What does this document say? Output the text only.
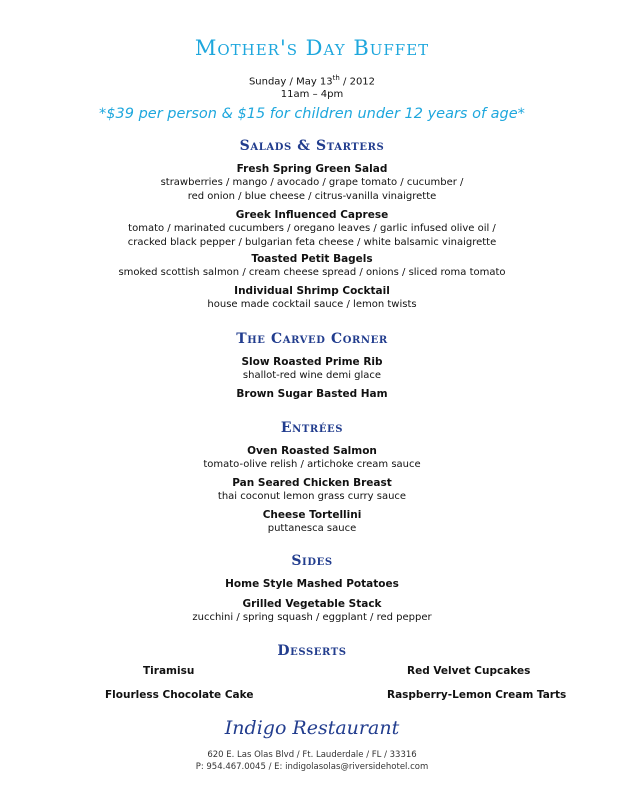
Mother's Day Buffet
Sunday / May 13th / 2012
11am – 4pm
*$39 per person & $15 for children under 12 years of age*
Salads & Starters
Fresh Spring Green Salad
strawberries / mango / avocado / grape tomato / cucumber /
red onion / blue cheese / citrus-vanilla vinaigrette
Greek Influenced Caprese
tomato / marinated cucumbers / oregano leaves / garlic infused olive oil /
cracked black pepper / bulgarian feta cheese / white balsamic vinaigrette
Toasted Petit Bagels
smoked scottish salmon / cream cheese spread / onions / sliced roma tomato
Individual Shrimp Cocktail
house made cocktail sauce / lemon twists
The Carved Corner
Slow Roasted Prime Rib
shallot-red wine demi glace
Brown Sugar Basted Ham
Entrées
Oven Roasted Salmon
tomato-olive relish / artichoke cream sauce
Pan Seared Chicken Breast
thai coconut lemon grass curry sauce
Cheese Tortellini
puttanesca sauce
Sides
Home Style Mashed Potatoes
Grilled Vegetable Stack
zucchini / spring squash / eggplant / red pepper
Desserts
Tiramisu	Red Velvet Cupcakes
Flourless Chocolate Cake	Raspberry-Lemon Cream Tarts
Indigo Restaurant
620 E. Las Olas Blvd / Ft. Lauderdale / FL / 33316
P: 954.467.0045 / E: indigolasolas@riversidehotel.com
